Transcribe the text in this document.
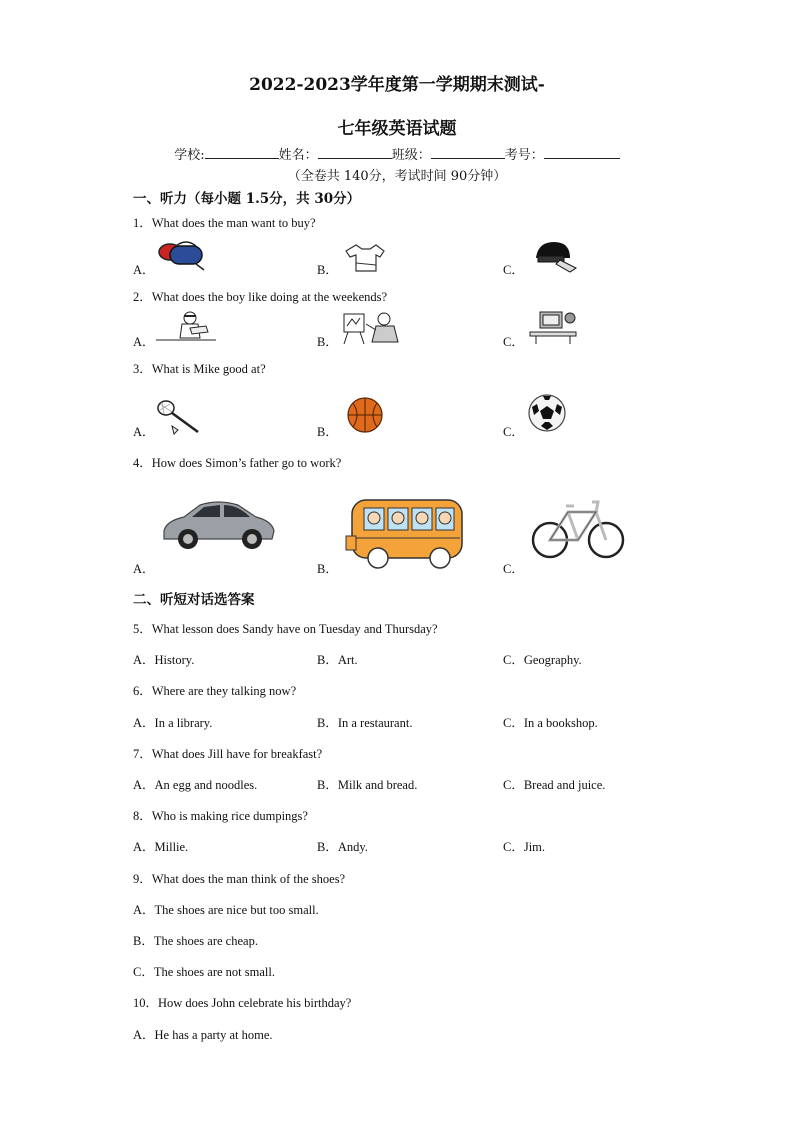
2022-2023学年度第一学期期末测试-
七年级英语试题
学校:	姓名：	班级：	考号：
（全卷共 140分，考试时间 90分钟）
一、听力（每小题 1.5分，共 30分）
1．What does the man want to buy?
A．	B．	C．
2．What does the boy like doing at the weekends?
A．	B．	C．
3．What is Mike good at?
A．	B．	C．
4．How does Simon’s father go to work?
A．	B．	C．
二、听短对话选答案
5．What lesson does Sandy have on Tuesday and Thursday?
A．History.	B．Art.	C．Geography.
6．Where are they talking now?
A．In a library.	B．In a restaurant.	C．In a bookshop.
7．What does Jill have for breakfast?
A．An egg and noodles.	B．Milk and bread.	C．Bread and juice.
8．Who is making rice dumpings?
A．Millie.	B．Andy.	C．Jim.
9．What does the man think of the shoes?
A．The shoes are nice but too small.
B．The shoes are cheap.
C．The shoes are not small.
10．How does John celebrate his birthday?
A．He has a party at home.
